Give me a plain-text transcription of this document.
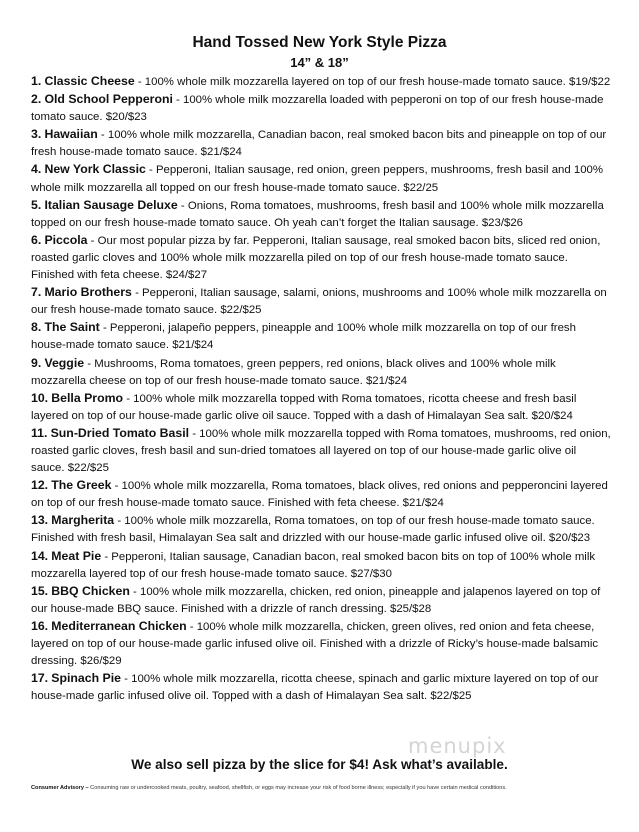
Hand Tossed New York Style Pizza
14” & 18”
1. Classic Cheese - 100% whole milk mozzarella layered on top of our fresh house-made tomato sauce. $19/$22
2. Old School Pepperoni - 100% whole milk mozzarella loaded with pepperoni on top of our fresh house-made tomato sauce. $20/$23
3. Hawaiian - 100% whole milk mozzarella, Canadian bacon, real smoked bacon bits and pineapple on top of our fresh house-made tomato sauce. $21/$24
4. New York Classic - Pepperoni, Italian sausage, red onion, green peppers, mushrooms, fresh basil and 100% whole milk mozzarella all topped on our fresh house-made tomato sauce. $22/25
5. Italian Sausage Deluxe - Onions, Roma tomatoes, mushrooms, fresh basil and 100% whole milk mozzarella topped on our fresh house-made tomato sauce. Oh yeah can’t forget the Italian sausage. $23/$26
6. Piccola - Our most popular pizza by far. Pepperoni, Italian sausage, real smoked bacon bits, sliced red onion, roasted garlic cloves and 100% whole milk mozzarella piled on top of our fresh house-made tomato sauce. Finished with feta cheese. $24/$27
7. Mario Brothers - Pepperoni, Italian sausage, salami, onions, mushrooms and 100% whole milk mozzarella on our fresh house-made tomato sauce. $22/$25
8. The Saint - Pepperoni, jalapeño peppers, pineapple and 100% whole milk mozzarella on top of our fresh house-made tomato sauce. $21/$24
9. Veggie - Mushrooms, Roma tomatoes, green peppers, red onions, black olives and 100% whole milk mozzarella cheese on top of our fresh house-made tomato sauce. $21/$24
10. Bella Promo - 100% whole milk mozzarella topped with Roma tomatoes, ricotta cheese and fresh basil layered on top of our house-made garlic olive oil sauce. Topped with a dash of Himalayan Sea salt. $20/$24
11. Sun-Dried Tomato Basil - 100% whole milk mozzarella topped with Roma tomatoes, mushrooms, red onion, roasted garlic cloves, fresh basil and sun-dried tomatoes all layered on top of our house-made garlic olive oil sauce. $22/$25
12. The Greek - 100% whole milk mozzarella, Roma tomatoes, black olives, red onions and pepperoncini layered on top of our fresh house-made tomato sauce. Finished with feta cheese. $21/$24
13. Margherita - 100% whole milk mozzarella, Roma tomatoes, on top of our fresh house-made tomato sauce. Finished with fresh basil, Himalayan Sea salt and drizzled with our house-made garlic infused olive oil. $20/$23
14. Meat Pie - Pepperoni, Italian sausage, Canadian bacon, real smoked bacon bits on top of 100% whole milk mozzarella layered top of our fresh house-made tomato sauce. $27/$30
15. BBQ Chicken - 100% whole milk mozzarella, chicken, red onion, pineapple and jalapenos layered on top of our house-made BBQ sauce. Finished with a drizzle of ranch dressing. $25/$28
16. Mediterranean Chicken - 100% whole milk mozzarella, chicken, green olives, red onion and feta cheese, layered on top of our house-made garlic infused olive oil. Finished with a drizzle of Ricky’s house-made balsamic dressing. $26/$29
17. Spinach Pie - 100% whole milk mozzarella, ricotta cheese, spinach and garlic mixture layered on top of our house-made garlic infused olive oil. Topped with a dash of Himalayan Sea salt. $22/$25
menupix
We also sell pizza by the slice for $4! Ask what’s available.
Consumer Advisory – Consuming raw or undercooked meats, poultry, seafood, shellfish, or eggs may increase your risk of food borne illness; especially if you have certain medical conditions.
